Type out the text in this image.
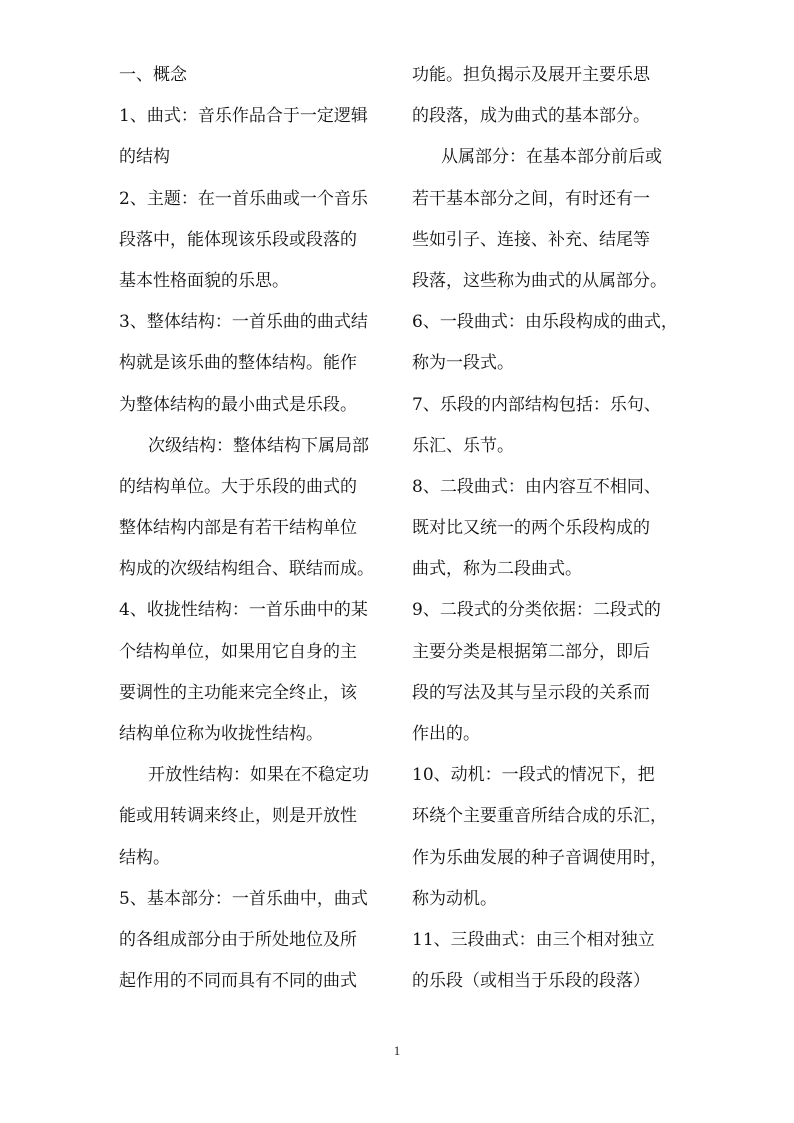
一、概念
1、曲式：音乐作品合于一定逻辑
的结构
2、主题：在一首乐曲或一个音乐
段落中，能体现该乐段或段落的
基本性格面貌的乐思。
3、整体结构：一首乐曲的曲式结
构就是该乐曲的整体结构。能作
为整体结构的最小曲式是乐段。
次级结构：整体结构下属局部
的结构单位。大于乐段的曲式的
整体结构内部是有若干结构单位
构成的次级结构组合、联结而成。
4、收拢性结构：一首乐曲中的某
个结构单位，如果用它自身的主
要调性的主功能来完全终止，该
结构单位称为收拢性结构。
开放性结构：如果在不稳定功
能或用转调来终止，则是开放性
结构。
5、基本部分：一首乐曲中，曲式
的各组成部分由于所处地位及所
起作用的不同而具有不同的曲式
功能。担负揭示及展开主要乐思
的段落，成为曲式的基本部分。
从属部分：在基本部分前后或
若干基本部分之间，有时还有一
些如引子、连接、补充、结尾等
段落，这些称为曲式的从属部分。
6、一段曲式：由乐段构成的曲式，
称为一段式。
7、乐段的内部结构包括：乐句、
乐汇、乐节。
8、二段曲式：由内容互不相同、
既对比又统一的两个乐段构成的
曲式，称为二段曲式。
9、二段式的分类依据：二段式的
主要分类是根据第二部分，即后
段的写法及其与呈示段的关系而
作出的。
10、动机：一段式的情况下，把
环绕个主要重音所结合成的乐汇，
作为乐曲发展的种子音调使用时，
称为动机。
11、三段曲式：由三个相对独立
的乐段（或相当于乐段的段落）
1
